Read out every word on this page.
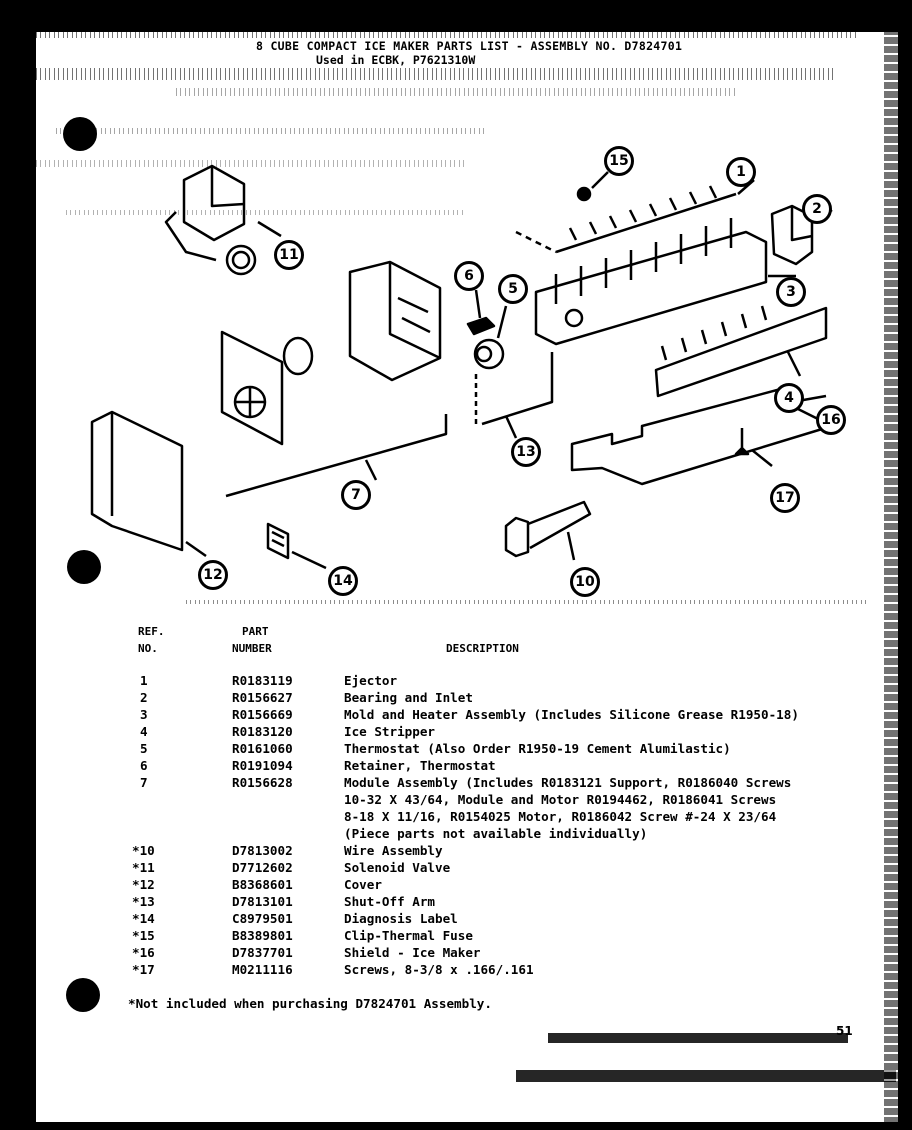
8 CUBE COMPACT ICE MAKER PARTS LIST - ASSEMBLY NO. D7824701
Used in ECBK, P7621310W
1
2
3
4
5
6
7
10
11
12
13
14
15
16
17
REF.
NO.
PART
NUMBER	DESCRIPTION
1	R0183119	Ejector
2	R0156627	Bearing and Inlet
3	R0156669	Mold and Heater Assembly (Includes Silicone Grease R1950-18)
4	R0183120	Ice Stripper
5	R0161060	Thermostat (Also Order R1950-19 Cement Alumilastic)
6	R0191094	Retainer, Thermostat
7	R0156628	Module Assembly (Includes R0183121 Support, R0186040 Screws
10-32 X 43/64, Module and Motor R0194462, R0186041 Screws
8-18 X 11/16, R0154025 Motor, R0186042 Screw #-24 X 23/64
(Piece parts not available individually)
*10	D7813002	Wire Assembly
*11	D7712602	Solenoid Valve
*12	B8368601	Cover
*13	D7813101	Shut-Off Arm
*14	C8979501	Diagnosis Label
*15	B8389801	Clip-Thermal Fuse
*16	D7837701	Shield - Ice Maker
*17	M0211116	Screws, 8-3/8 x .166/.161
*Not included when purchasing D7824701 Assembly.
51
